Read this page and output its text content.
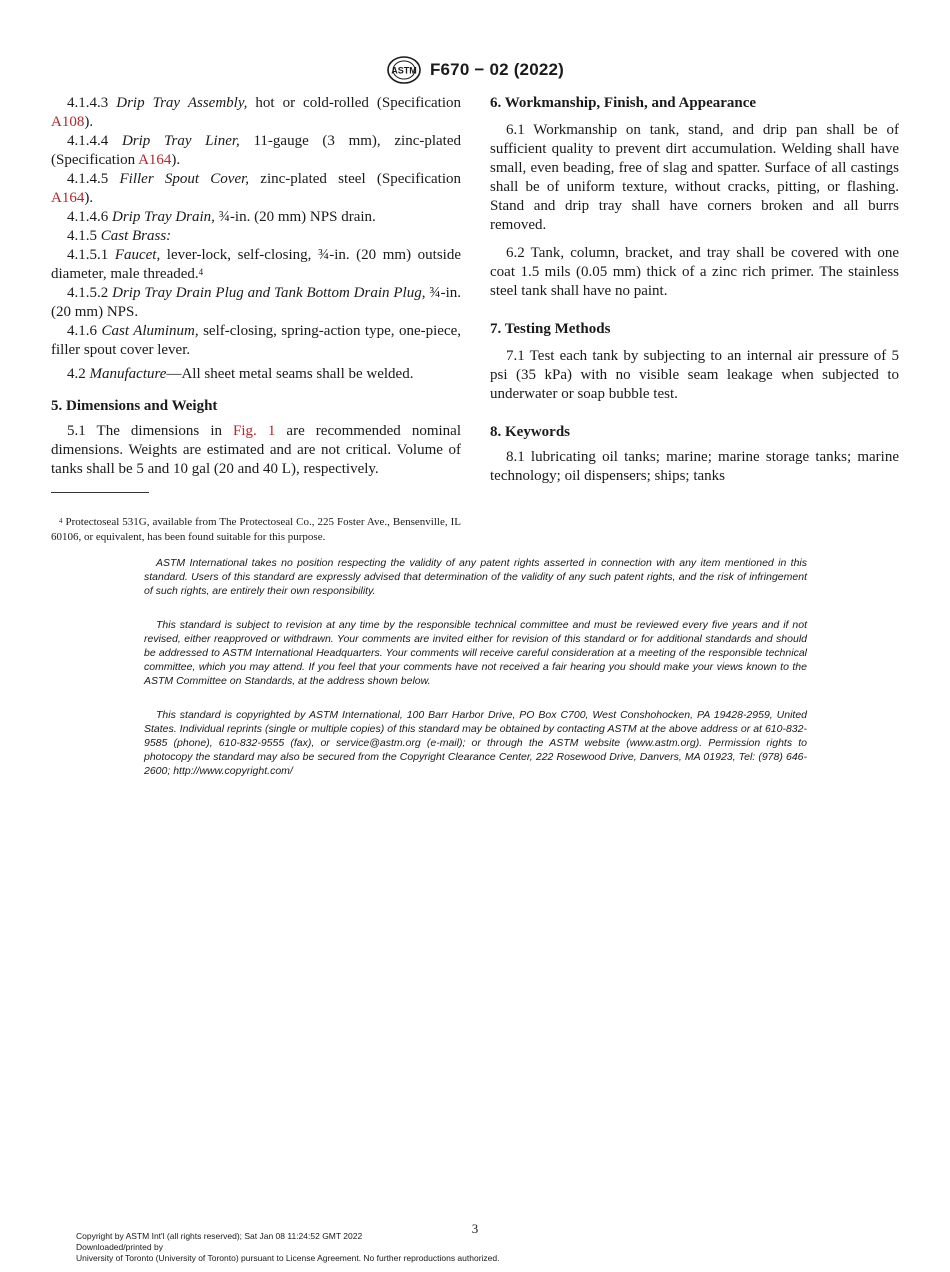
ASTM F670 − 02 (2022)

4.1.4.3 Drip Tray Assembly, hot or cold-rolled (Specification A108).

4.1.4.4 Drip Tray Liner, 11-gauge (3 mm), zinc-plated (Specification A164).

4.1.4.5 Filler Spout Cover, zinc-plated steel (Specification A164).

4.1.4.6 Drip Tray Drain, ¾-in. (20 mm) NPS drain.

4.1.5 Cast Brass:

4.1.5.1 Faucet, lever-lock, self-closing, ¾-in. (20 mm) outside diameter, male threaded.$^4$

4.1.5.2 Drip Tray Drain Plug and Tank Bottom Drain Plug, ¾-in. (20 mm) NPS.

4.1.6 Cast Aluminum, self-closing, spring-action type, one-piece, filler spout cover lever.

4.2 Manufacture—All sheet metal seams shall be welded.

5. Dimensions and Weight

5.1 The dimensions in Fig. 1 are recommended nominal dimensions. Weights are estimated and are not critical. Volume of tanks shall be 5 and 10 gal (20 and 40 L), respectively.

6. Workmanship, Finish, and Appearance

6.1 Workmanship on tank, stand, and drip pan shall be of sufficient quality to prevent dirt accumulation. Welding shall have small, even beading, free of slag and spatter. Surface of all castings shall be of uniform texture, without cracks, pitting, or flashing. Stand and drip tray shall have corners broken and all burrs removed.

6.2 Tank, column, bracket, and tray shall be covered with one coat 1.5 mils (0.05 mm) thick of a zinc rich primer. The stainless steel tank shall have no paint.

7. Testing Methods

7.1 Test each tank by subjecting to an internal air pressure of 5 psi (35 kPa) with no visible seam leakage when subjected to underwater or soap bubble test.

8. Keywords

8.1 lubricating oil tanks; marine; marine storage tanks; marine technology; oil dispensers; ships; tanks

$^4$ Protectoseal 531G, available from The Protectoseal Co., 225 Foster Ave., Bensenville, IL 60106, or equivalent, has been found suitable for this purpose.

ASTM International takes no position respecting the validity of any patent rights asserted in connection with any item mentioned in this standard. Users of this standard are expressly advised that determination of the validity of any such patent rights, and the risk of infringement of such rights, are entirely their own responsibility.

This standard is subject to revision at any time by the responsible technical committee and must be reviewed every five years and if not revised, either reapproved or withdrawn. Your comments are invited either for revision of this standard or for additional standards and should be addressed to ASTM International Headquarters. Your comments will receive careful consideration at a meeting of the responsible technical committee, which you may attend. If you feel that your comments have not received a fair hearing you should make your views known to the ASTM Committee on Standards, at the address shown below.

This standard is copyrighted by ASTM International, 100 Barr Harbor Drive, PO Box C700, West Conshohocken, PA 19428-2959, United States. Individual reprints (single or multiple copies) of this standard may be obtained by contacting ASTM at the above address or at 610-832-9585 (phone), 610-832-9555 (fax), or service@astm.org (e-mail); or through the ASTM website (www.astm.org). Permission rights to photocopy the standard may also be secured from the Copyright Clearance Center, 222 Rosewood Drive, Danvers, MA 01923, Tel: (978) 646-2600; http://www.copyright.com/

3
Copyright by ASTM Int'l (all rights reserved); Sat Jan 08 11:24:52 GMT 2022
Downloaded/printed by
University of Toronto (University of Toronto) pursuant to License Agreement. No further reproductions authorized.
